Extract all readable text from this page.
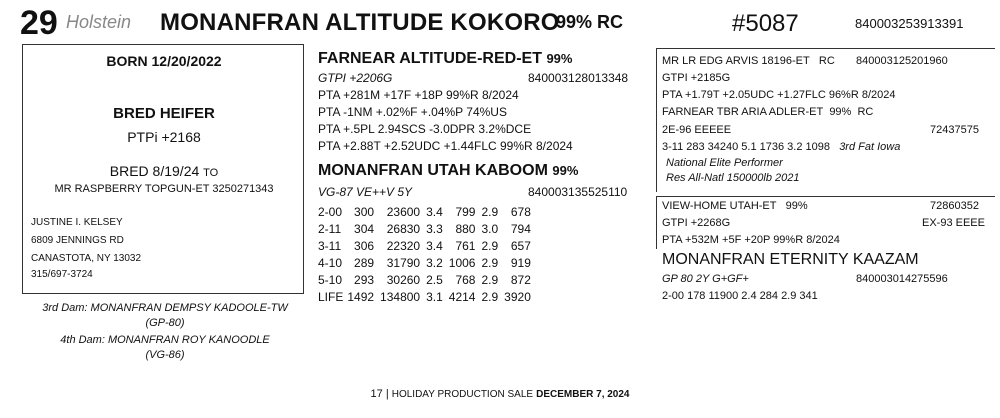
29 Holstein MONANFRAN ALTITUDE KOKORO
99% RC	#5087	840003253913391
BORN 12/20/2022
BRED HEIFER
PTPi +2168
BRED 8/19/24 TO
MR RASPBERRY TOPGUN-ET 3250271343
JUSTINE I. KELSEY
6809 JENNINGS RD
CANASTOTA, NY 13032
315/697-3724
3rd Dam: MONANFRAN DEMPSY KADOOLE-TW
(GP-80)
4th Dam: MONANFRAN ROY KANOODLE
(VG-86)
FARNEAR ALTITUDE-RED-ET 99%
GTPI +2206G	840003128013348
PTA +281M +17F +18P 99%R 8/2024
PTA -1NM +.02%F +.04%P 74%US
PTA +.5PL 2.94SCS -3.0DPR 3.2%DCE
PTA +2.88T +2.52UDC +1.44FLC 99%R 8/2024
MONANFRAN UTAH KABOOM 99%
VG-87 VE++V 5Y	840003135525110
2-00	300	23600	3.4	799	2.9	678
2-11	304	26830	3.3	880	3.0	794
3-11	306	22320	3.4	761	2.9	657
4-10	289	31790	3.2	1006	2.9	919
5-10	293	30260	2.5	768	2.9	872
LIFE	1492	134800	3.1	4214	2.9	3920
MR LR EDG ARVIS 18196-ET RC 840003125201960
GTPI +2185G
PTA +1.79T +2.05UDC +1.27FLC 96%R 8/2024
FARNEAR TBR ARIA ADLER-ET 99% RC
2E-96 EEEEE	72437575
3-11 283 34240 5.1 1736 3.2 1098 3rd Fat Iowa
National Elite Performer
Res All-Natl 150000lb 2021
VIEW-HOME UTAH-ET 99%	72860352
GTPI +2268G	EX-93 EEEE
PTA +532M +5F +20P 99%R 8/2024
MONANFRAN ETERNITY KAAZAM
GP 80 2Y G+GF+	840003014275596
2-00 178 11900 2.4 284 2.9 341
17 | HOLIDAY PRODUCTION SALE DECEMBER 7, 2024
